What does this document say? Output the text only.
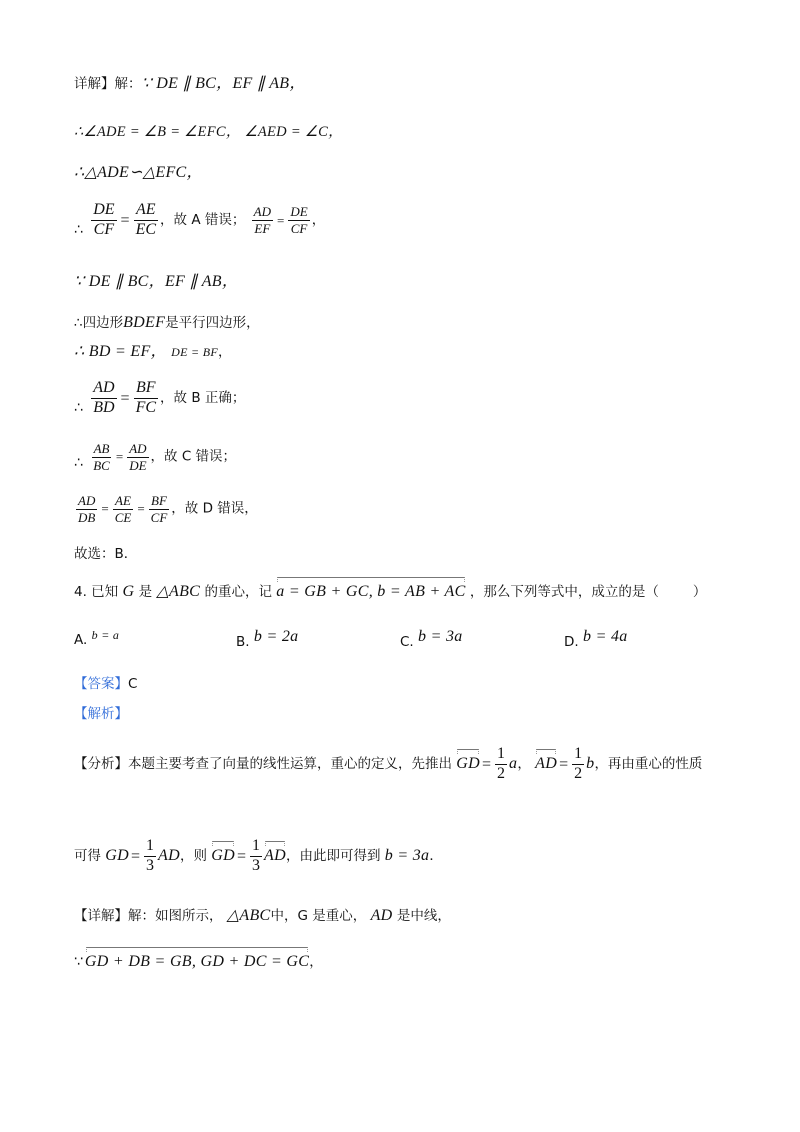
详解】解：∵ DE ∥ BC，EF ∥ AB，
∴∠ADE = ∠B = ∠EFC， ∠AED = ∠C，
∴△ADE∽△EFC，
∴ $\frac{DE}{CF} = \frac{AE}{EC}$ ，故 A 错误； $\frac{AD}{EF} = \frac{DE}{CF}$ ，
∵ DE ∥ BC，EF ∥ AB，
∴四边形BDEF是平行四边形，
∴ BD = EF， DE = BF，
∴ $\frac{AD}{BD} = \frac{BF}{FC}$ ，故 B 正确；
∴ $\frac{AB}{BC} = \frac{AD}{DE}$ ，故 C 错误；
$\frac{AD}{DB} = \frac{AE}{CE} = \frac{BF}{CF}$ ，故 D 错误，
故选：B．
4. 已知 G 是 △ABC 的重心，记 a = GB + GC, b = AB + AC ，那么下列等式中，成立的是（	）
A. b = a	B. b = 2a	C. b = 3a	D. b = 4a
【答案】C
【解析】
【分析】本题主要考查了向量的线性运算，重心的定义，先推出 GD = $\frac{1}{2}$ a， AD = $\frac{1}{2}$ b，再由重心的性质
可得 GD = $\frac{1}{3}$ AD，则 GD = $\frac{1}{3}$ AD，由此即可得到 b = 3a．
【详解】解：如图所示， △ABC中，G 是重心， AD 是中线，
∵ GD + DB = GB, GD + DC = GC，
